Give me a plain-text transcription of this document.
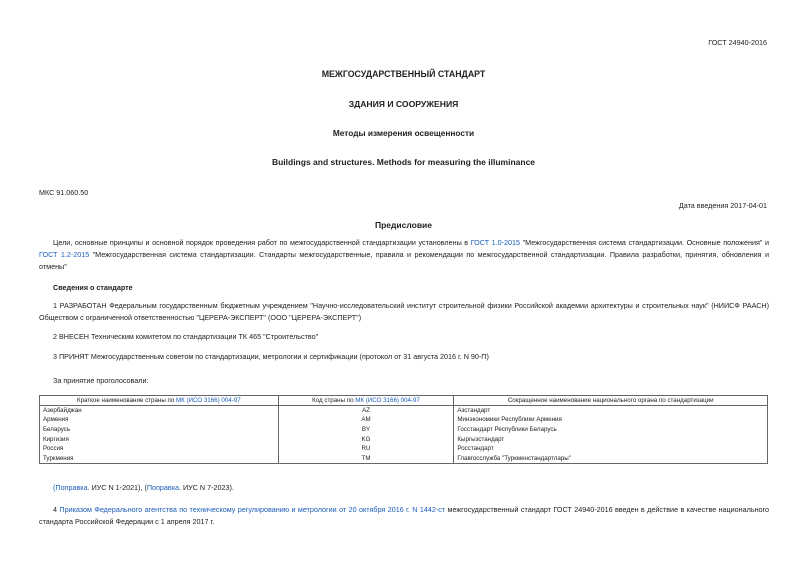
ГОСТ 24940-2016
МЕЖГОСУДАРСТВЕННЫЙ СТАНДАРТ
ЗДАНИЯ И СООРУЖЕНИЯ
Методы измерения освещенности
Buildings and structures. Methods for measuring the illuminance
МКС 91.060.50
Дата введения 2017-04-01
Предисловие
Цели, основные принципы и основной порядок проведения работ по межгосударственной стандартизации установлены в ГОСТ 1.0-2015 "Межгосударственная система стандартизации. Основные положения" и ГОСТ 1.2-2015 "Межгосударственная система стандартизации. Стандарты межгосударственные, правила и рекомендации по межгосударственной стандартизации. Правила разработки, принятия, обновления и отмены"
Сведения о стандарте
1 РАЗРАБОТАН Федеральным государственным бюджетным учреждением "Научно-исследовательский институт строительной физики Российской академии архитектуры и строительных наук" (НИИСФ РААСН) Обществом с ограниченной ответственностью "ЦЕРЕРА-ЭКСПЕРТ" (ООО "ЦЕРЕРА-ЭКСПЕРТ")
2 ВНЕСЕН Техническим комитетом по стандартизации ТК 465 "Строительство"
3 ПРИНЯТ Межгосударственным советом по стандартизации, метрологии и сертификации (протокол от 31 августа 2016 г. N 90-П)
За принятие проголосовали:
Краткое наименование страны по МК (ИСО 3166) 004-97	Код страны по МК (ИСО 3166) 004-97	Сокращенное наименование национального органа по стандартизации
Азербайджан	AZ	Азстандарт
Армения	AM	Минэкономики Республики Армения
Беларусь	BY	Госстандарт Республики Беларусь
Киргизия	KG	Кыргызстандарт
Россия	RU	Росстандарт
Туркмения	TM	Главгосслужба "Туркменстандартлары"
(Поправка. ИУС N 1-2021), (Поправка. ИУС N 7-2023).
4 Приказом Федерального агентства по техническому регулированию и метрологии от 20 октября 2016 г. N 1442-ст межгосударственный стандарт ГОСТ 24940-2016 введен в действие в качестве национального стандарта Российской Федерации с 1 апреля 2017 г.
